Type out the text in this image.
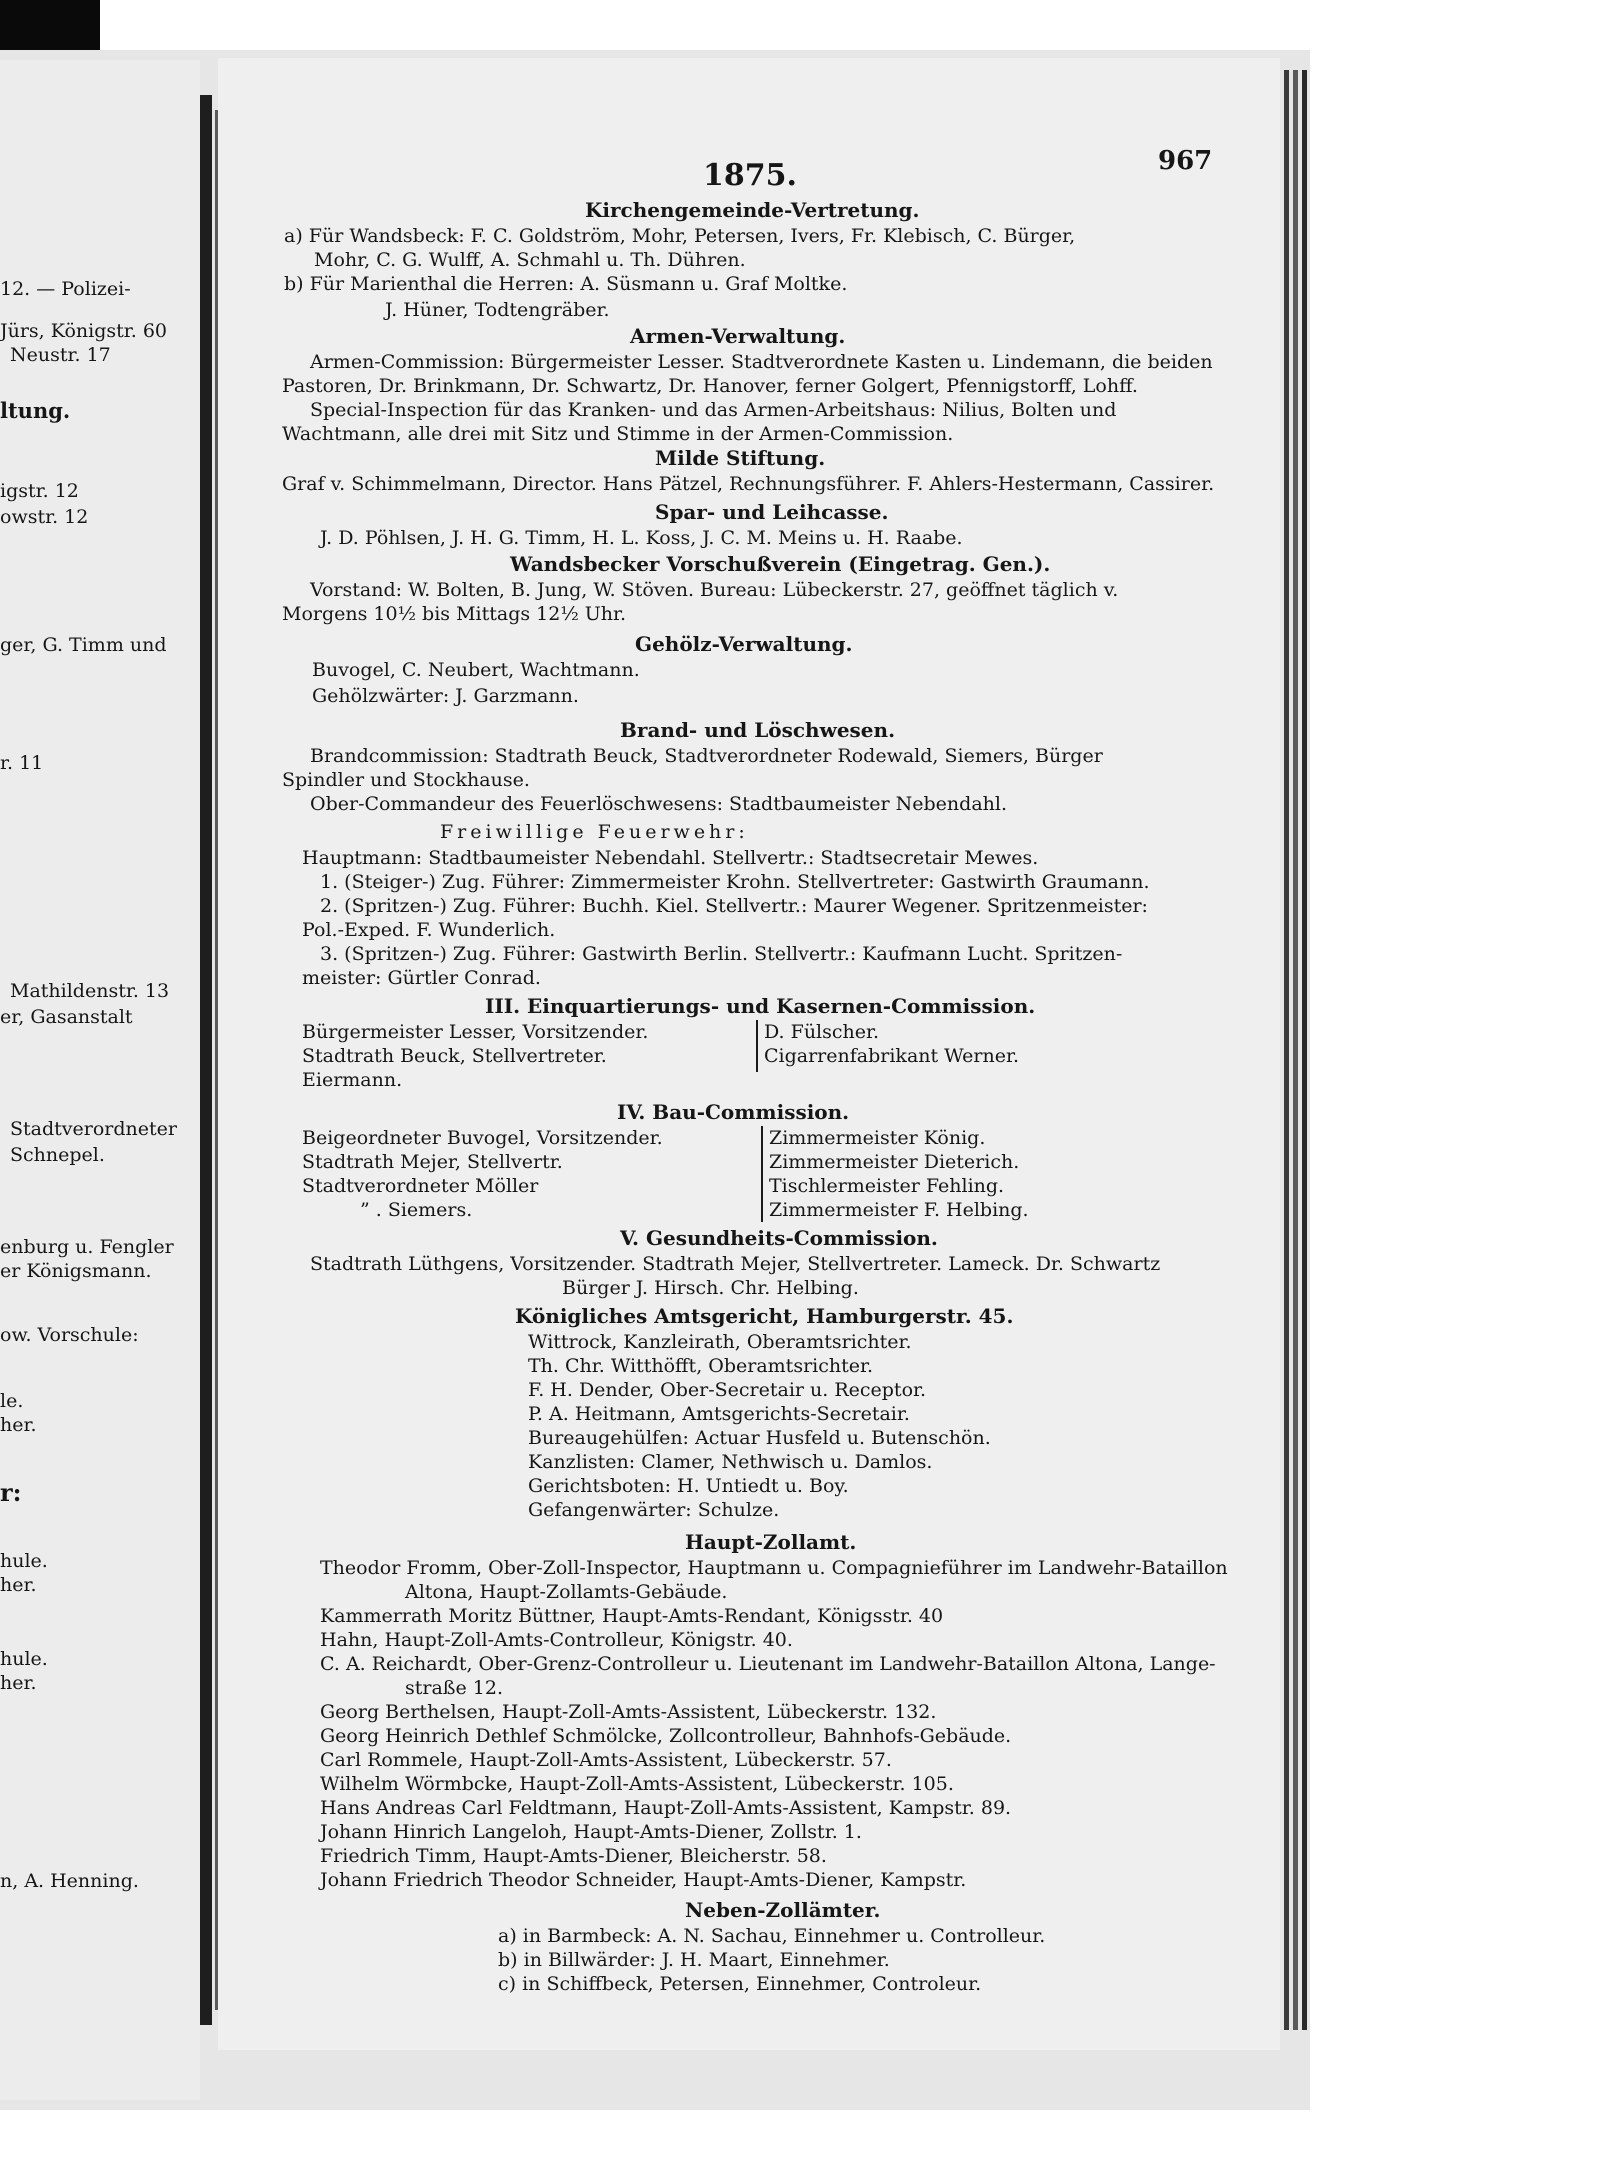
12. — Polizei-
Jürs, Königstr. 60
Neustr. 17
ltung.
igstr. 12
owstr. 12
ger, G. Timm und
r. 11
Mathildenstr. 13
er, Gasanstalt
Stadtverordneter
Schnepel.
enburg u. Fengler
er Königsmann.
ow. Vorschule:
le.
her.
r:
hule.
her.
hule.
her.
n, A. Henning.
1875.	967
Kirchengemeinde-Vertretung.
a) Für Wandsbeck: F. C. Goldström, Mohr, Petersen, Ivers, Fr. Klebisch, C. Bürger,
Mohr, C. G. Wulff, A. Schmahl u. Th. Dühren.
b) Für Marienthal die Herren: A. Süsmann u. Graf Moltke.
J. Hüner, Todtengräber.
Armen-Verwaltung.
Armen-Commission: Bürgermeister Lesser. Stadtverordnete Kasten u. Lindemann, die beiden
Pastoren, Dr. Brinkmann, Dr. Schwartz, Dr. Hanover, ferner Golgert, Pfennigstorff, Lohff.
Special-Inspection für das Kranken- und das Armen-Arbeitshaus: Nilius, Bolten und
Wachtmann, alle drei mit Sitz und Stimme in der Armen-Commission.
Milde Stiftung.
Graf v. Schimmelmann, Director. Hans Pätzel, Rechnungsführer. F. Ahlers-Hestermann, Cassirer.
Spar- und Leihcasse.
J. D. Pöhlsen, J. H. G. Timm, H. L. Koss, J. C. M. Meins u. H. Raabe.
Wandsbecker Vorschußverein (Eingetrag. Gen.).
Vorstand: W. Bolten, B. Jung, W. Stöven. Bureau: Lübeckerstr. 27, geöffnet täglich v.
Morgens 10½ bis Mittags 12½ Uhr.
Gehölz-Verwaltung.
Buvogel, C. Neubert, Wachtmann.
Gehölzwärter: J. Garzmann.
Brand- und Löschwesen.
Brandcommission: Stadtrath Beuck, Stadtverordneter Rodewald, Siemers, Bürger
Spindler und Stockhause.
Ober-Commandeur des Feuerlöschwesens: Stadtbaumeister Nebendahl.
Freiwillige Feuerwehr:
Hauptmann: Stadtbaumeister Nebendahl. Stellvertr.: Stadtsecretair Mewes.
1. (Steiger-) Zug. Führer: Zimmermeister Krohn. Stellvertreter: Gastwirth Graumann.
2. (Spritzen-) Zug. Führer: Buchh. Kiel. Stellvertr.: Maurer Wegener. Spritzenmeister:
Pol.-Exped. F. Wunderlich.
3. (Spritzen-) Zug. Führer: Gastwirth Berlin. Stellvertr.: Kaufmann Lucht. Spritzen-
meister: Gürtler Conrad.
III. Einquartierungs- und Kasernen-Commission.
Bürgermeister Lesser, Vorsitzender.
Stadtrath Beuck, Stellvertreter.
Eiermann.
D. Fülscher.
Cigarrenfabrikant Werner.
IV. Bau-Commission.
Beigeordneter Buvogel, Vorsitzender.
Stadtrath Mejer, Stellvertr.
Stadtverordneter Möller
” . Siemers.
Zimmermeister König.
Zimmermeister Dieterich.
Tischlermeister Fehling.
Zimmermeister F. Helbing.
V. Gesundheits-Commission.
Stadtrath Lüthgens, Vorsitzender. Stadtrath Mejer, Stellvertreter. Lameck. Dr. Schwartz
Bürger J. Hirsch. Chr. Helbing.
Königliches Amtsgericht, Hamburgerstr. 45.
Wittrock, Kanzleirath, Oberamtsrichter.
Th. Chr. Witthöfft, Oberamtsrichter.
F. H. Dender, Ober-Secretair u. Receptor.
P. A. Heitmann, Amtsgerichts-Secretair.
Bureaugehülfen: Actuar Husfeld u. Butenschön.
Kanzlisten: Clamer, Nethwisch u. Damlos.
Gerichtsboten: H. Untiedt u. Boy.
Gefangenwärter: Schulze.
Haupt-Zollamt.
Theodor Fromm, Ober-Zoll-Inspector, Hauptmann u. Compagnieführer im Landwehr-Bataillon
Altona, Haupt-Zollamts-Gebäude.
Kammerrath Moritz Büttner, Haupt-Amts-Rendant, Königsstr. 40
Hahn, Haupt-Zoll-Amts-Controlleur, Königstr. 40.
C. A. Reichardt, Ober-Grenz-Controlleur u. Lieutenant im Landwehr-Bataillon Altona, Lange-
straße 12.
Georg Berthelsen, Haupt-Zoll-Amts-Assistent, Lübeckerstr. 132.
Georg Heinrich Dethlef Schmölcke, Zollcontrolleur, Bahnhofs-Gebäude.
Carl Rommele, Haupt-Zoll-Amts-Assistent, Lübeckerstr. 57.
Wilhelm Wörmbcke, Haupt-Zoll-Amts-Assistent, Lübeckerstr. 105.
Hans Andreas Carl Feldtmann, Haupt-Zoll-Amts-Assistent, Kampstr. 89.
Johann Hinrich Langeloh, Haupt-Amts-Diener, Zollstr. 1.
Friedrich Timm, Haupt-Amts-Diener, Bleicherstr. 58.
Johann Friedrich Theodor Schneider, Haupt-Amts-Diener, Kampstr.
Neben-Zollämter.
a) in Barmbeck: A. N. Sachau, Einnehmer u. Controlleur.
b) in Billwärder: J. H. Maart, Einnehmer.
c) in Schiffbeck, Petersen, Einnehmer, Controleur.
